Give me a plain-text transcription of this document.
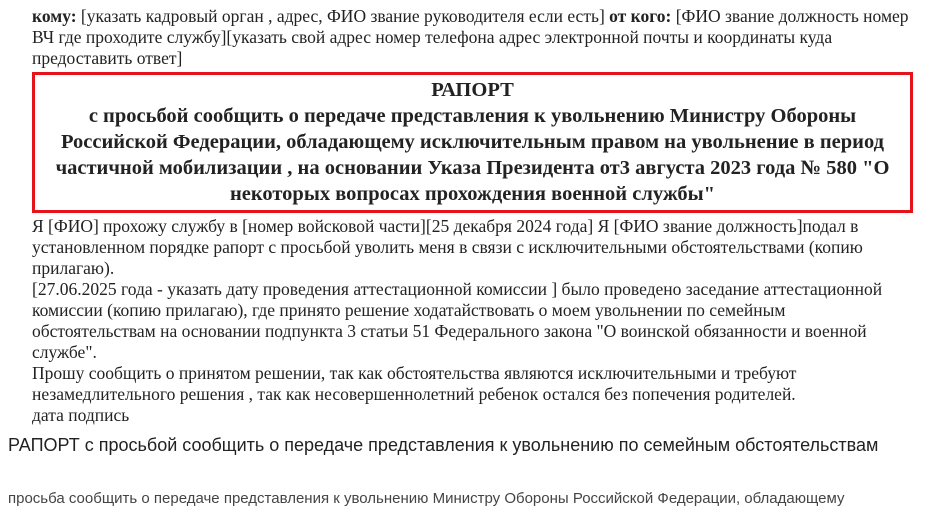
кому: [указать кадровый орган , адрес, ФИО звание руководителя если есть] от кого: [ФИО звание должность номер ВЧ где проходите службу][указать свой адрес номер телефона адрес электронной почты и координаты куда предоставить ответ]
РАПОРТ
с просьбой сообщить о передаче представления к увольнению Министру Обороны Российской Федерации, обладающему исключительным правом на увольнение в период частичной мобилизации , на основании Указа Президента от3 августа 2023 года № 580 "О некоторых вопросах прохождения военной службы"

Я [ФИО] прохожу службу в [номер войсковой части][25 декабря 2024 года] Я [ФИО звание должность]подал в установленном порядке рапорт с просьбой уволить меня в связи с исключительными обстоятельствами (копию прилагаю).

[27.06.2025 года - указать дату проведения аттестационной комиссии ] было проведено заседание аттестационной комиссии (копию прилагаю), где принято решение ходатайствовать о моем увольнении по семейным обстоятельствам на основании подпункта 3 статьи 51 Федерального закона "О воинской обязанности и военной службе".

Прошу сообщить о принятом решении, так как обстоятельства являются исключительными и требуют незамедлительного решения , так как несовершеннолетний ребенок остался без попечения родителей.

дата подпись

РАПОРТ с просьбой сообщить о передаче представления к увольнению по семейным обстоятельствам
просьба сообщить о передаче представления к увольнению Министру Обороны Российской Федерации, обладающему
